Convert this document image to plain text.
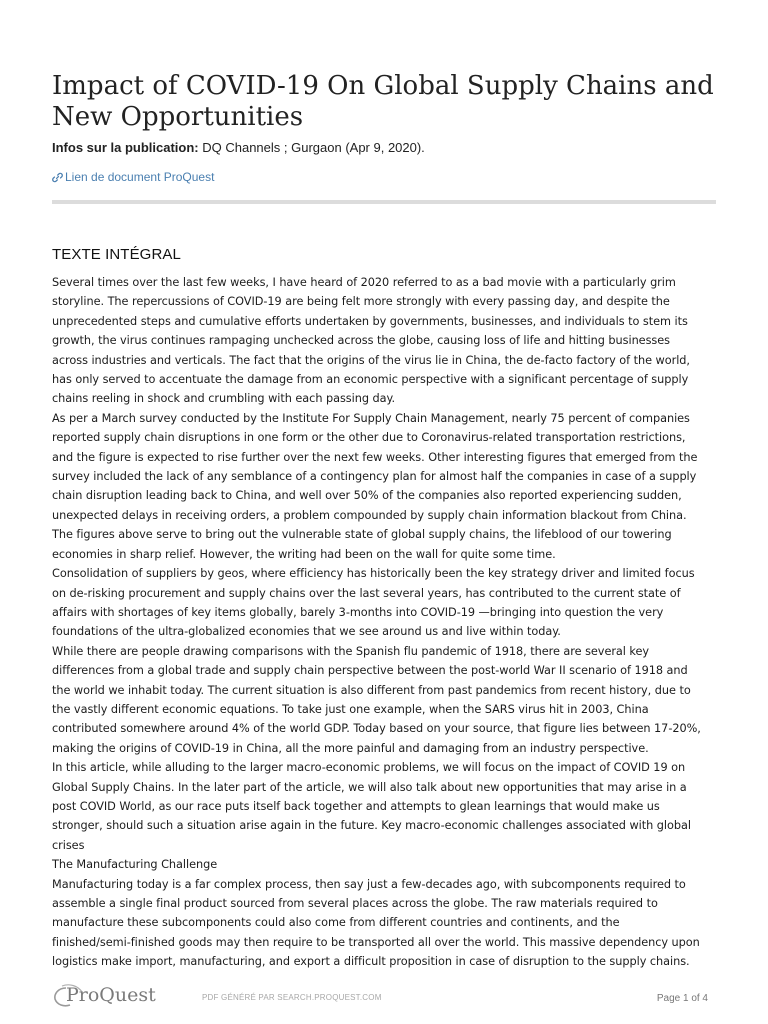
Impact of COVID-19 On Global Supply Chains and New Opportunities
Infos sur la publication: DQ Channels ; Gurgaon (Apr 9, 2020).
Lien de document ProQuest
TEXTE INTÉGRAL
Several times over the last few weeks, I have heard of 2020 referred to as a bad movie with a particularly grim
storyline. The repercussions of COVID-19 are being felt more strongly with every passing day, and despite the
unprecedented steps and cumulative efforts undertaken by governments, businesses, and individuals to stem its
growth, the virus continues rampaging unchecked across the globe, causing loss of life and hitting businesses
across industries and verticals. The fact that the origins of the virus lie in China, the de-facto factory of the world,
has only served to accentuate the damage from an economic perspective with a significant percentage of supply
chains reeling in shock and crumbling with each passing day.
As per a March survey conducted by the Institute For Supply Chain Management, nearly 75 percent of companies
reported supply chain disruptions in one form or the other due to Coronavirus-related transportation restrictions,
and the figure is expected to rise further over the next few weeks. Other interesting figures that emerged from the
survey included the lack of any semblance of a contingency plan for almost half the companies in case of a supply
chain disruption leading back to China, and well over 50% of the companies also reported experiencing sudden,
unexpected delays in receiving orders, a problem compounded by supply chain information blackout from China.
The figures above serve to bring out the vulnerable state of global supply chains, the lifeblood of our towering
economies in sharp relief. However, the writing had been on the wall for quite some time.
Consolidation of suppliers by geos, where efficiency has historically been the key strategy driver and limited focus
on de-risking procurement and supply chains over the last several years, has contributed to the current state of
affairs with shortages of key items globally, barely 3-months into COVID-19 —bringing into question the very
foundations of the ultra-globalized economies that we see around us and live within today.
While there are people drawing comparisons with the Spanish flu pandemic of 1918, there are several key
differences from a global trade and supply chain perspective between the post-world War II scenario of 1918 and
the world we inhabit today. The current situation is also different from past pandemics from recent history, due to
the vastly different economic equations. To take just one example, when the SARS virus hit in 2003, China
contributed somewhere around 4% of the world GDP. Today based on your source, that figure lies between 17-20%,
making the origins of COVID-19 in China, all the more painful and damaging from an industry perspective.
In this article, while alluding to the larger macro-economic problems, we will focus on the impact of COVID 19 on
Global Supply Chains. In the later part of the article, we will also talk about new opportunities that may arise in a
post COVID World, as our race puts itself back together and attempts to glean learnings that would make us
stronger, should such a situation arise again in the future. Key macro-economic challenges associated with global
crises
The Manufacturing Challenge
Manufacturing today is a far complex process, then say just a few-decades ago, with subcomponents required to
assemble a single final product sourced from several places across the globe. The raw materials required to
manufacture these subcomponents could also come from different countries and continents, and the
finished/semi-finished goods may then require to be transported all over the world. This massive dependency upon
logistics make import, manufacturing, and export a difficult proposition in case of disruption to the supply chains.
ProQuest	PDF GÉNÉRÉ PAR SEARCH.PROQUEST.COM	Page 1 of 4
